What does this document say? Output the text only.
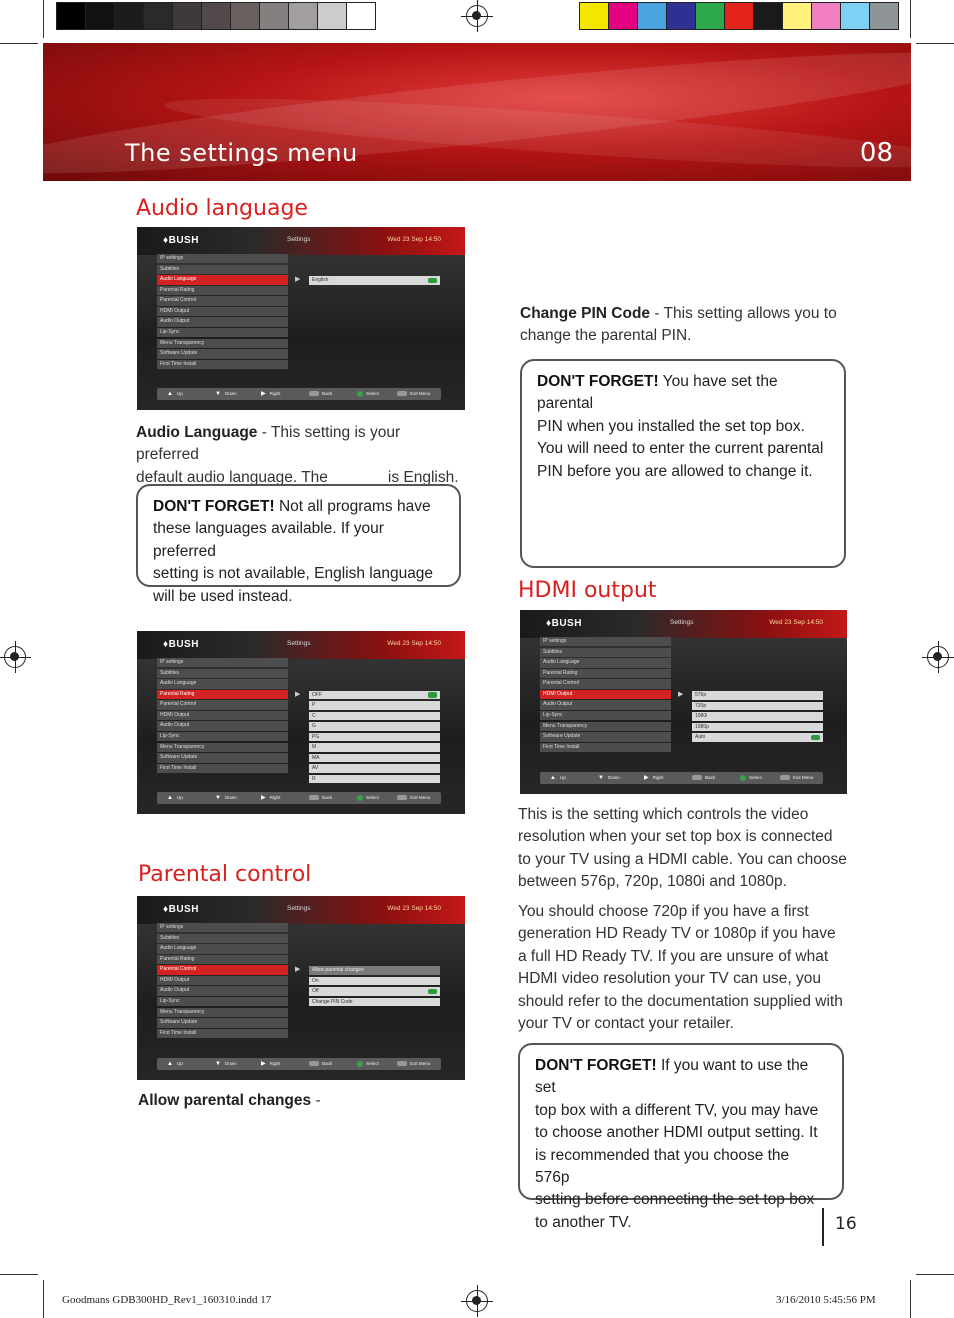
The settings menu	08
Audio language
♦BUSH	Settings	Wed 23 Sep 14:50
IP settings
Subtitles
Audio Language
Parental Rating
Parental Control
HDMI Output
Audio Output
Lip-Sync
Menu Transparency
Software Update
First Time Install
▶	English
▲ Up	▼ Down	▶ Right	Back	Select	Exit Menu
Audio Language - This setting is your preferred
default audio language. The	is English.
DON'T FORGET! Not all programs have
these languages available. If your preferred
setting is not available, English language
will be used instead.
♦BUSH	Settings	Wed 23 Sep 14:50
IP settings
Subtitles
Audio Language
Parental Rating
Parental Control
HDMI Output
Audio Output
Lip-Sync
Menu Transparency
Software Update
First Time Install
▶	OFF
P
C
G
PG
M
MA
AV
R
▲ Up	▼ Down	▶ Right	Back	Select	Exit Menu
Parental control
♦BUSH	Settings	Wed 23 Sep 14:50
IP settings
Subtitles
Audio Language
Parental Rating
Parental Control
HDMI Output
Audio Output
Lip-Sync
Menu Transparency
Software Update
First Time Install
▶	Allow parental changes
On
Off
Change PIN Code
▲ Up	▼ Down	▶ Right	Back	Select	Exit Menu
Allow parental changes -
Change PIN Code - This setting allows you to
change the parental PIN.
DON'T FORGET! You have set the parental
PIN when you installed the set top box.
You will need to enter the current parental
PIN before you are allowed to change it.
HDMI output
♦BUSH	Settings	Wed 23 Sep 14:50
IP settings
Subtitles
Audio Language
Parental Rating
Parental Control
HDMI Output
Audio Output
Lip-Sync
Menu Transparency
Software Update
First Time Install
▶	576p
720p
1080i
1080p
Auto
▲ Up	▼ Down	▶ Right	Back	Select	Exit Menu
This is the setting which controls the video
resolution when your set top box is connected
to your TV using a HDMI cable. You can choose
between 576p, 720p, 1080i and 1080p.
You should choose 720p if you have a first
generation HD Ready TV or 1080p if you have
a full HD Ready TV. If you are unsure of what
HDMI video resolution your TV can use, you
should refer to the documentation supplied with
your TV or contact your retailer.
DON'T FORGET! If you want to use the set
top box with a different TV, you may have
to choose another HDMI output setting. It
is recommended that you choose the 576p
setting before connecting the set top box
to another TV.	16
Goodmans GDB300HD_Rev1_160310.indd 17	3/16/2010 5:45:56 PM
